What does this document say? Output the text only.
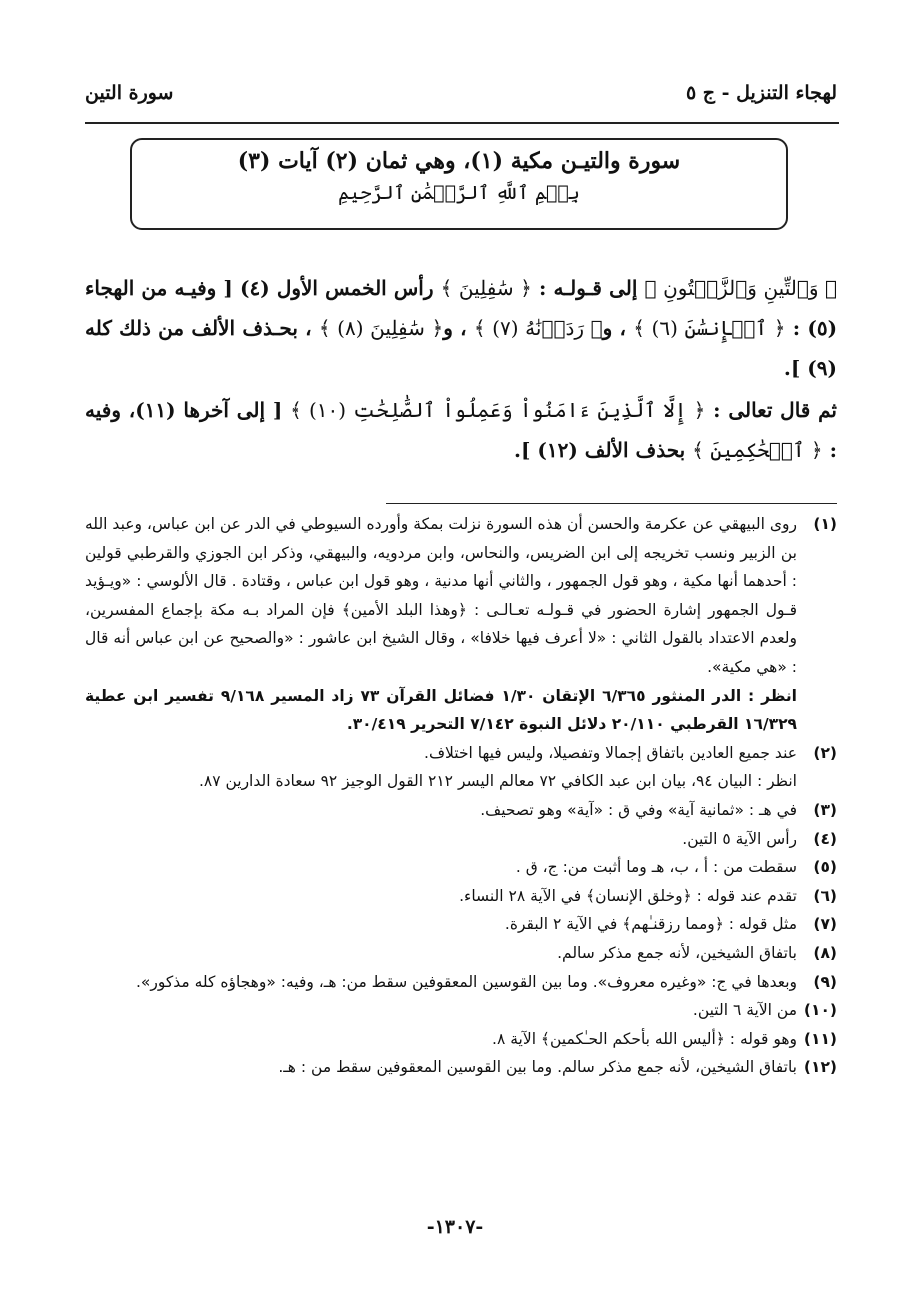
لهجاء التنزيل - ج ٥
سورة التين
سورة والتيـن مكية (١)، وهي ثمان (٢) آيات (٣)
بِسۡمِ ٱللَّهِ ٱلرَّحۡمَٰنِ ٱلرَّحِيمِ

﴿ وَٱلتِّينِ وَٱلزَّيۡتُونِ ﴾ إلى قـولـه : ﴿ سَٰفِلِينَ ﴾ رأس الخمس الأول (٤) [ وفيـه من الهجاء (٥) : ﴿ ٱلۡإِنسَٰنَ (٦) ﴾ ، و﴿ رَدَدۡنَٰهُ (٧) ﴾ ، و﴿ سَٰفِلِينَ (٨) ﴾ ، بحـذف الألف من ذلك كله (٩) ].

ثم قال تعالى : ﴿ إِلَّا ٱلَّذِينَ ءَامَنُواْ وَعَمِلُواْ ٱلصَّٰلِحَٰتِ (١٠) ﴾ [ إلى آخرها (١١)، وفيه : ﴿ ٱلۡحَٰكِمِينَ ﴾ بحذف الألف (١٢) ].

(١)
روى البيهقي عن عكرمة والحسن أن هذه السورة نزلت بمكة وأورده السيوطي في الدر عن ابن عباس، وعبد الله بن الزبير ونسب تخريجه إلى ابن الضريس، والنحاس، وابن مردويه، والبيهقي، وذكر ابن الجوزي والقرطبي قولين : أحدهما أنها مكية ، وهو قول الجمهور ، والثاني أنها مدنية ، وهو قول ابن عباس ، وقتادة . قال الألوسي : «ويـؤيد قـول الجمهور إشارة الحضور في قـولـه تعـالـى : ﴿وهذا البلد الأمين﴾ فإن المراد بـه مكة بإجماع المفسرين، ولعدم الاعتداد بالقول الثاني : «لا أعرف فيها خلافا» ، وقال الشيخ ابن عاشور : «والصحيح عن ابن عباس أنه قال : «هي مكية».
انظر : الدر المنثور ٦/٣٦٥ الإتقان ١/٣٠ فضائل القرآن ٧٣ زاد المسير ٩/١٦٨ تفسير ابن عطية ١٦/٣٢٩ القرطبي ٢٠/١١٠ دلائل النبوة ٧/١٤٢ التحرير ٣٠/٤١٩.
(٢)
عند جميع العادين باتفاق إجمالا وتفصيلا، وليس فيها اختلاف.
انظر : البيان ٩٤، بيان ابن عبد الكافي ٧٢ معالم اليسر ٢١٢ القول الوجيز ٩٢ سعادة الدارين ٨٧.
(٣)
في هـ : «ثمانية آية» وفي ق : «آية» وهو تصحيف.
(٤)
رأس الآية ٥ التين.
(٥)
سقطت من : أ ، ب، هـ وما أثبت من: ج، ق .
(٦)
تقدم عند قوله : ﴿وخلق الإنسان﴾ في الآية ٢٨ النساء.
(٧)
مثل قوله : ﴿ومما رزقنـٰهم﴾ في الآية ٢ البقرة.
(٨)
باتفاق الشيخين، لأنه جمع مذكر سالم.
(٩)
وبعدها في ج: «وغيره معروف». وما بين القوسين المعقوفين سقط من: هـ، وفيه: «وهجاؤه كله مذكور».
(١٠)
من الآية ٦ التين.
(١١)
وهو قوله : ﴿أليس الله بأحكم الحـٰكمين﴾ الآية ٨.
(١٢)
باتفاق الشيخين، لأنه جمع مذكر سالم. وما بين القوسين المعقوفين سقط من : هـ.
-١٣٠٧-
